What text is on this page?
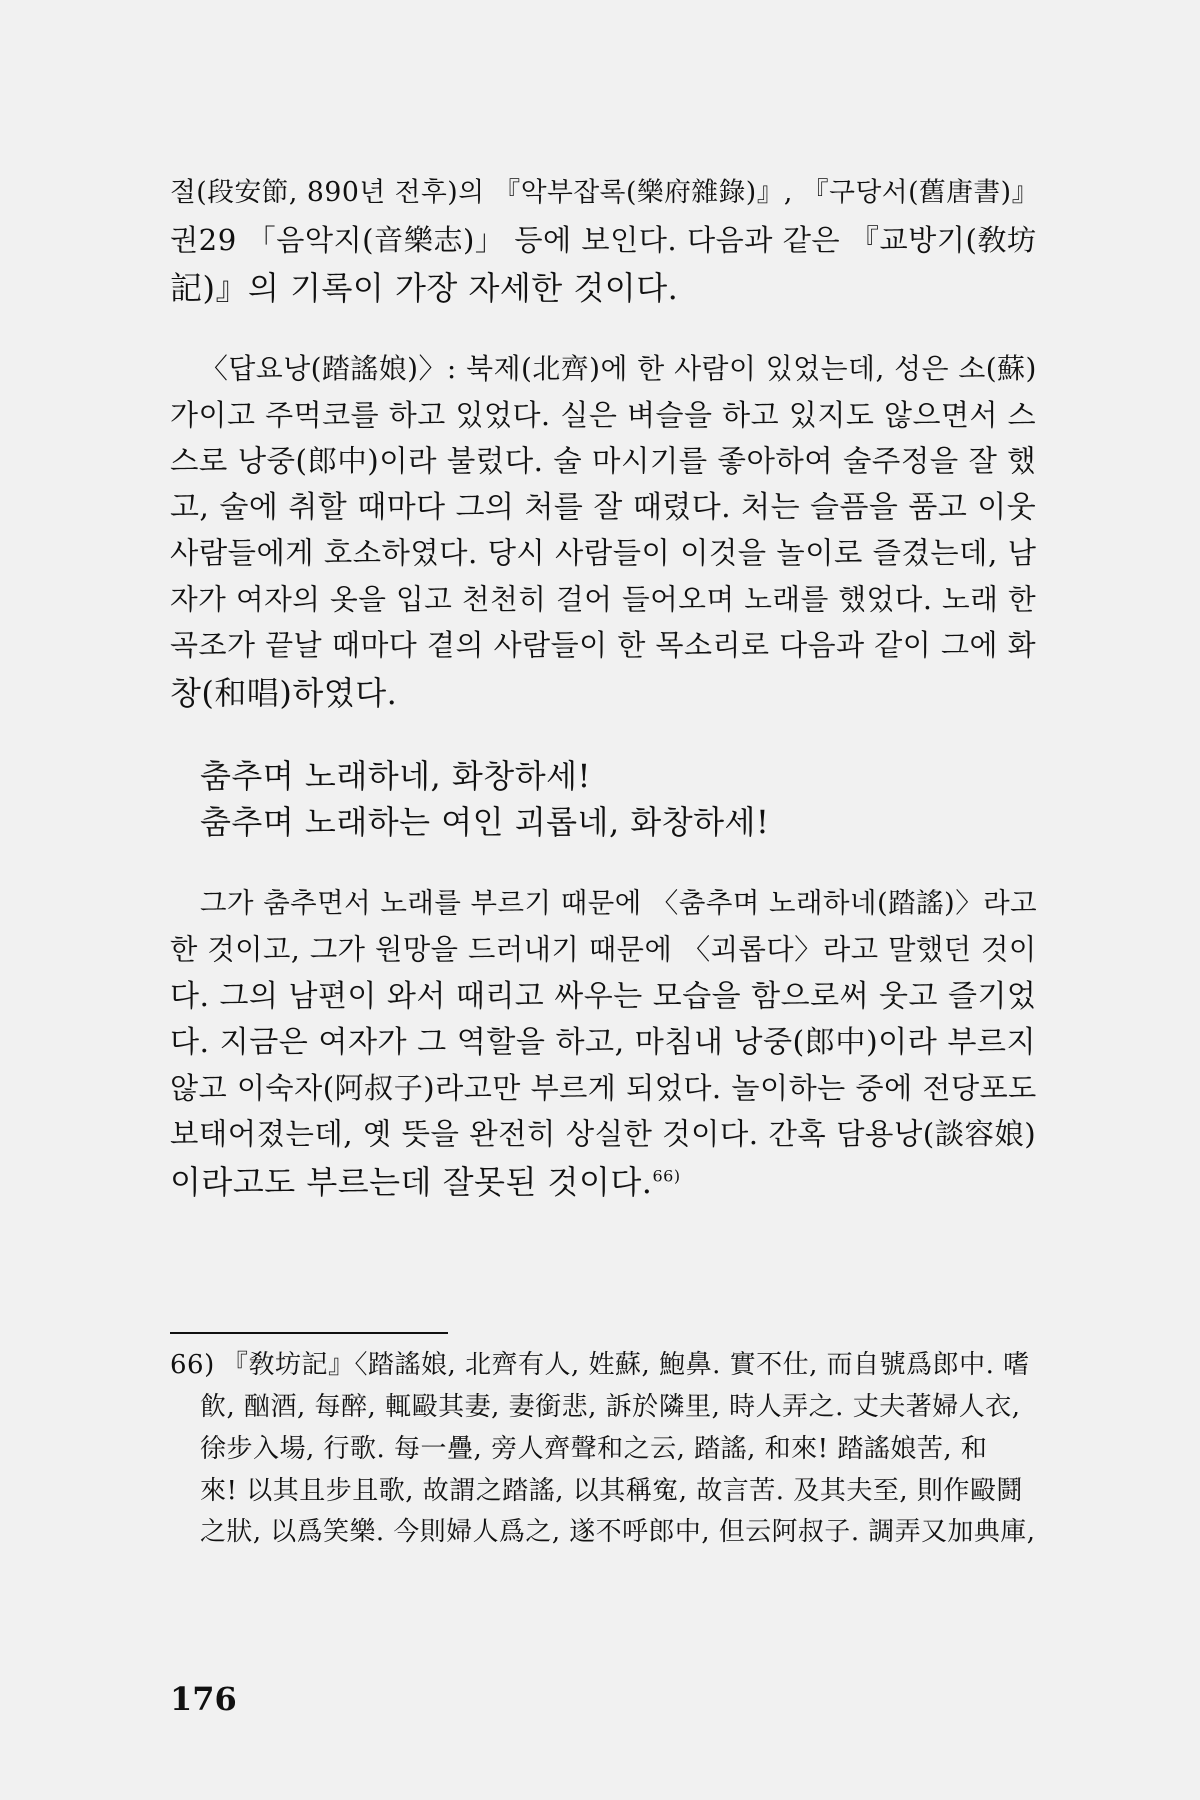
절(段安節, 890년 전후)의 『악부잡록(樂府雜錄)』, 『구당서(舊唐書)』
권29 「음악지(音樂志)」 등에 보인다. 다음과 같은 『교방기(敎坊
記)』의 기록이 가장 자세한 것이다.
〈답요낭(踏謠娘)〉: 북제(北齊)에 한 사람이 있었는데, 성은 소(蘇)
가이고 주먹코를 하고 있었다. 실은 벼슬을 하고 있지도 않으면서 스
스로 낭중(郎中)이라 불렀다. 술 마시기를 좋아하여 술주정을 잘 했
고, 술에 취할 때마다 그의 처를 잘 때렸다. 처는 슬픔을 품고 이웃
사람들에게 호소하였다. 당시 사람들이 이것을 놀이로 즐겼는데, 남
자가 여자의 옷을 입고 천천히 걸어 들어오며 노래를 했었다. 노래 한
곡조가 끝날 때마다 곁의 사람들이 한 목소리로 다음과 같이 그에 화
창(和唱)하였다.
춤추며 노래하네, 화창하세!
춤추며 노래하는 여인 괴롭네, 화창하세!
그가 춤추면서 노래를 부르기 때문에 〈춤추며 노래하네(踏謠)〉라고
한 것이고, 그가 원망을 드러내기 때문에 〈괴롭다〉라고 말했던 것이
다. 그의 남편이 와서 때리고 싸우는 모습을 함으로써 웃고 즐기었
다. 지금은 여자가 그 역할을 하고, 마침내 낭중(郎中)이라 부르지
않고 이숙자(阿叔子)라고만 부르게 되었다. 놀이하는 중에 전당포도
보태어졌는데, 옛 뜻을 완전히 상실한 것이다. 간혹 담용낭(談容娘)
이라고도 부르는데 잘못된 것이다.$^{66)}$
66) 『敎坊記』〈踏謠娘, 北齊有人, 姓蘇, 鮑鼻. 實不仕, 而自號爲郎中. 嗜
飮, 酗酒, 每醉, 輒毆其妻, 妻銜悲, 訴於隣里, 時人弄之. 丈夫著婦人衣,
徐步入場, 行歌. 每一疊, 旁人齊聲和之云, 踏謠, 和來! 踏謠娘苦, 和
來! 以其且步且歌, 故謂之踏謠, 以其稱寃, 故言苦. 及其夫至, 則作毆鬪
之狀, 以爲笑樂. 今則婦人爲之, 遂不呼郎中, 但云阿叔子. 調弄又加典庫,
176
